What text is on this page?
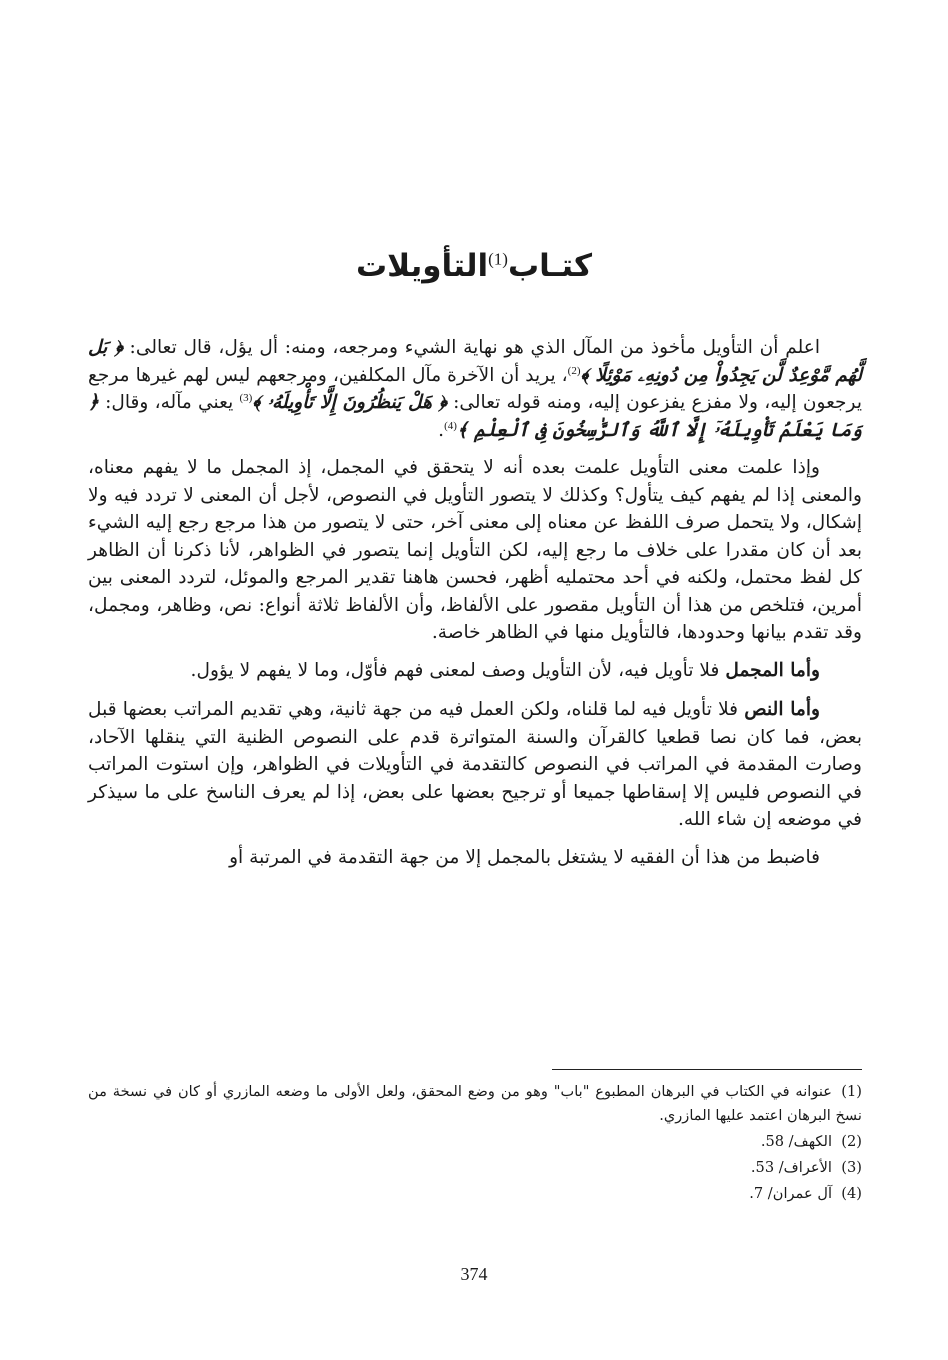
كتـاب$^{(1)}$التأويلات

اعلم أن التأويل مأخوذ من المآل الذي هو نهاية الشيء ومرجعه، ومنه: أل يؤل، قال تعالى: ﴿ بَل لَّهُم مَّوْعِدٌ لَّن يَجِدُواْ مِن دُونِهِۦ مَوْئِلًا ﴾$^{(2)}$، يريد أن الآخرة مآل المكلفين، ومرجعهم ليس لهم غيرها مرجع يرجعون إليه، ولا مفزع يفزعون إليه، ومنه قوله تعالى: ﴿ هَلْ يَنظُرُونَ إِلَّا تَأْوِيلَهُۥ ﴾$^{(3)}$ يعني مآله، وقال: ﴿ وَمَا يَعْلَمُ تَأْوِيلَهُۥٓ إِلَّا ٱللَّهُ وَٱلرَّٰسِخُونَ فِى ٱلْعِلْمِ ﴾$^{(4)}$.

وإذا علمت معنى التأويل علمت بعده أنه لا يتحقق في المجمل، إذ المجمل ما لا يفهم معناه، والمعنى إذا لم يفهم كيف يتأول؟ وكذلك لا يتصور التأويل في النصوص، لأجل أن المعنى لا تردد فيه ولا إشكال، ولا يتحمل صرف اللفظ عن معناه إلى معنى آخر، حتى لا يتصور من هذا مرجع رجع إليه الشيء بعد أن كان مقدرا على خلاف ما رجع إليه، لكن التأويل إنما يتصور في الظواهر، لأنا ذكرنا أن الظاهر كل لفظ محتمل، ولكنه في أحد محتمليه أظهر، فحسن هاهنا تقدير المرجع والموئل، لتردد المعنى بين أمرين، فتلخص من هذا أن التأويل مقصور على الألفاظ، وأن الألفاظ ثلاثة أنواع: نص، وظاهر، ومجمل، وقد تقدم بيانها وحدودها، فالتأويل منها في الظاهر خاصة.

وأما المجمل فلا تأويل فيه، لأن التأويل وصف لمعنى فهم فأوّل، وما لا يفهم لا يؤول.

وأما النص فلا تأويل فيه لما قلناه، ولكن العمل فيه من جهة ثانية، وهي تقديم المراتب بعضها قبل بعض، فما كان نصا قطعيا كالقرآن والسنة المتواترة قدم على النصوص الظنية التي ينقلها الآحاد، وصارت المقدمة في المراتب في النصوص كالتقدمة في التأويلات في الظواهر، وإن استوت المراتب في النصوص فليس إلا إسقاطها جميعا أو ترجيح بعضها على بعض، إذا لم يعرف الناسخ على ما سيذكر في موضعه إن شاء الله.

فاضبط من هذا أن الفقيه لا يشتغل بالمجمل إلا من جهة التقدمة في المرتبة أو

(1)عنوانه في الكتاب في البرهان المطبوع "باب" وهو من وضع المحقق، ولعل الأولى ما وضعه المازري أو كان في نسخة من نسخ البرهان اعتمد عليها المازري.
(2)الكهف/ 58.
(3)الأعراف/ 53.
(4)آل عمران/ 7.
374
